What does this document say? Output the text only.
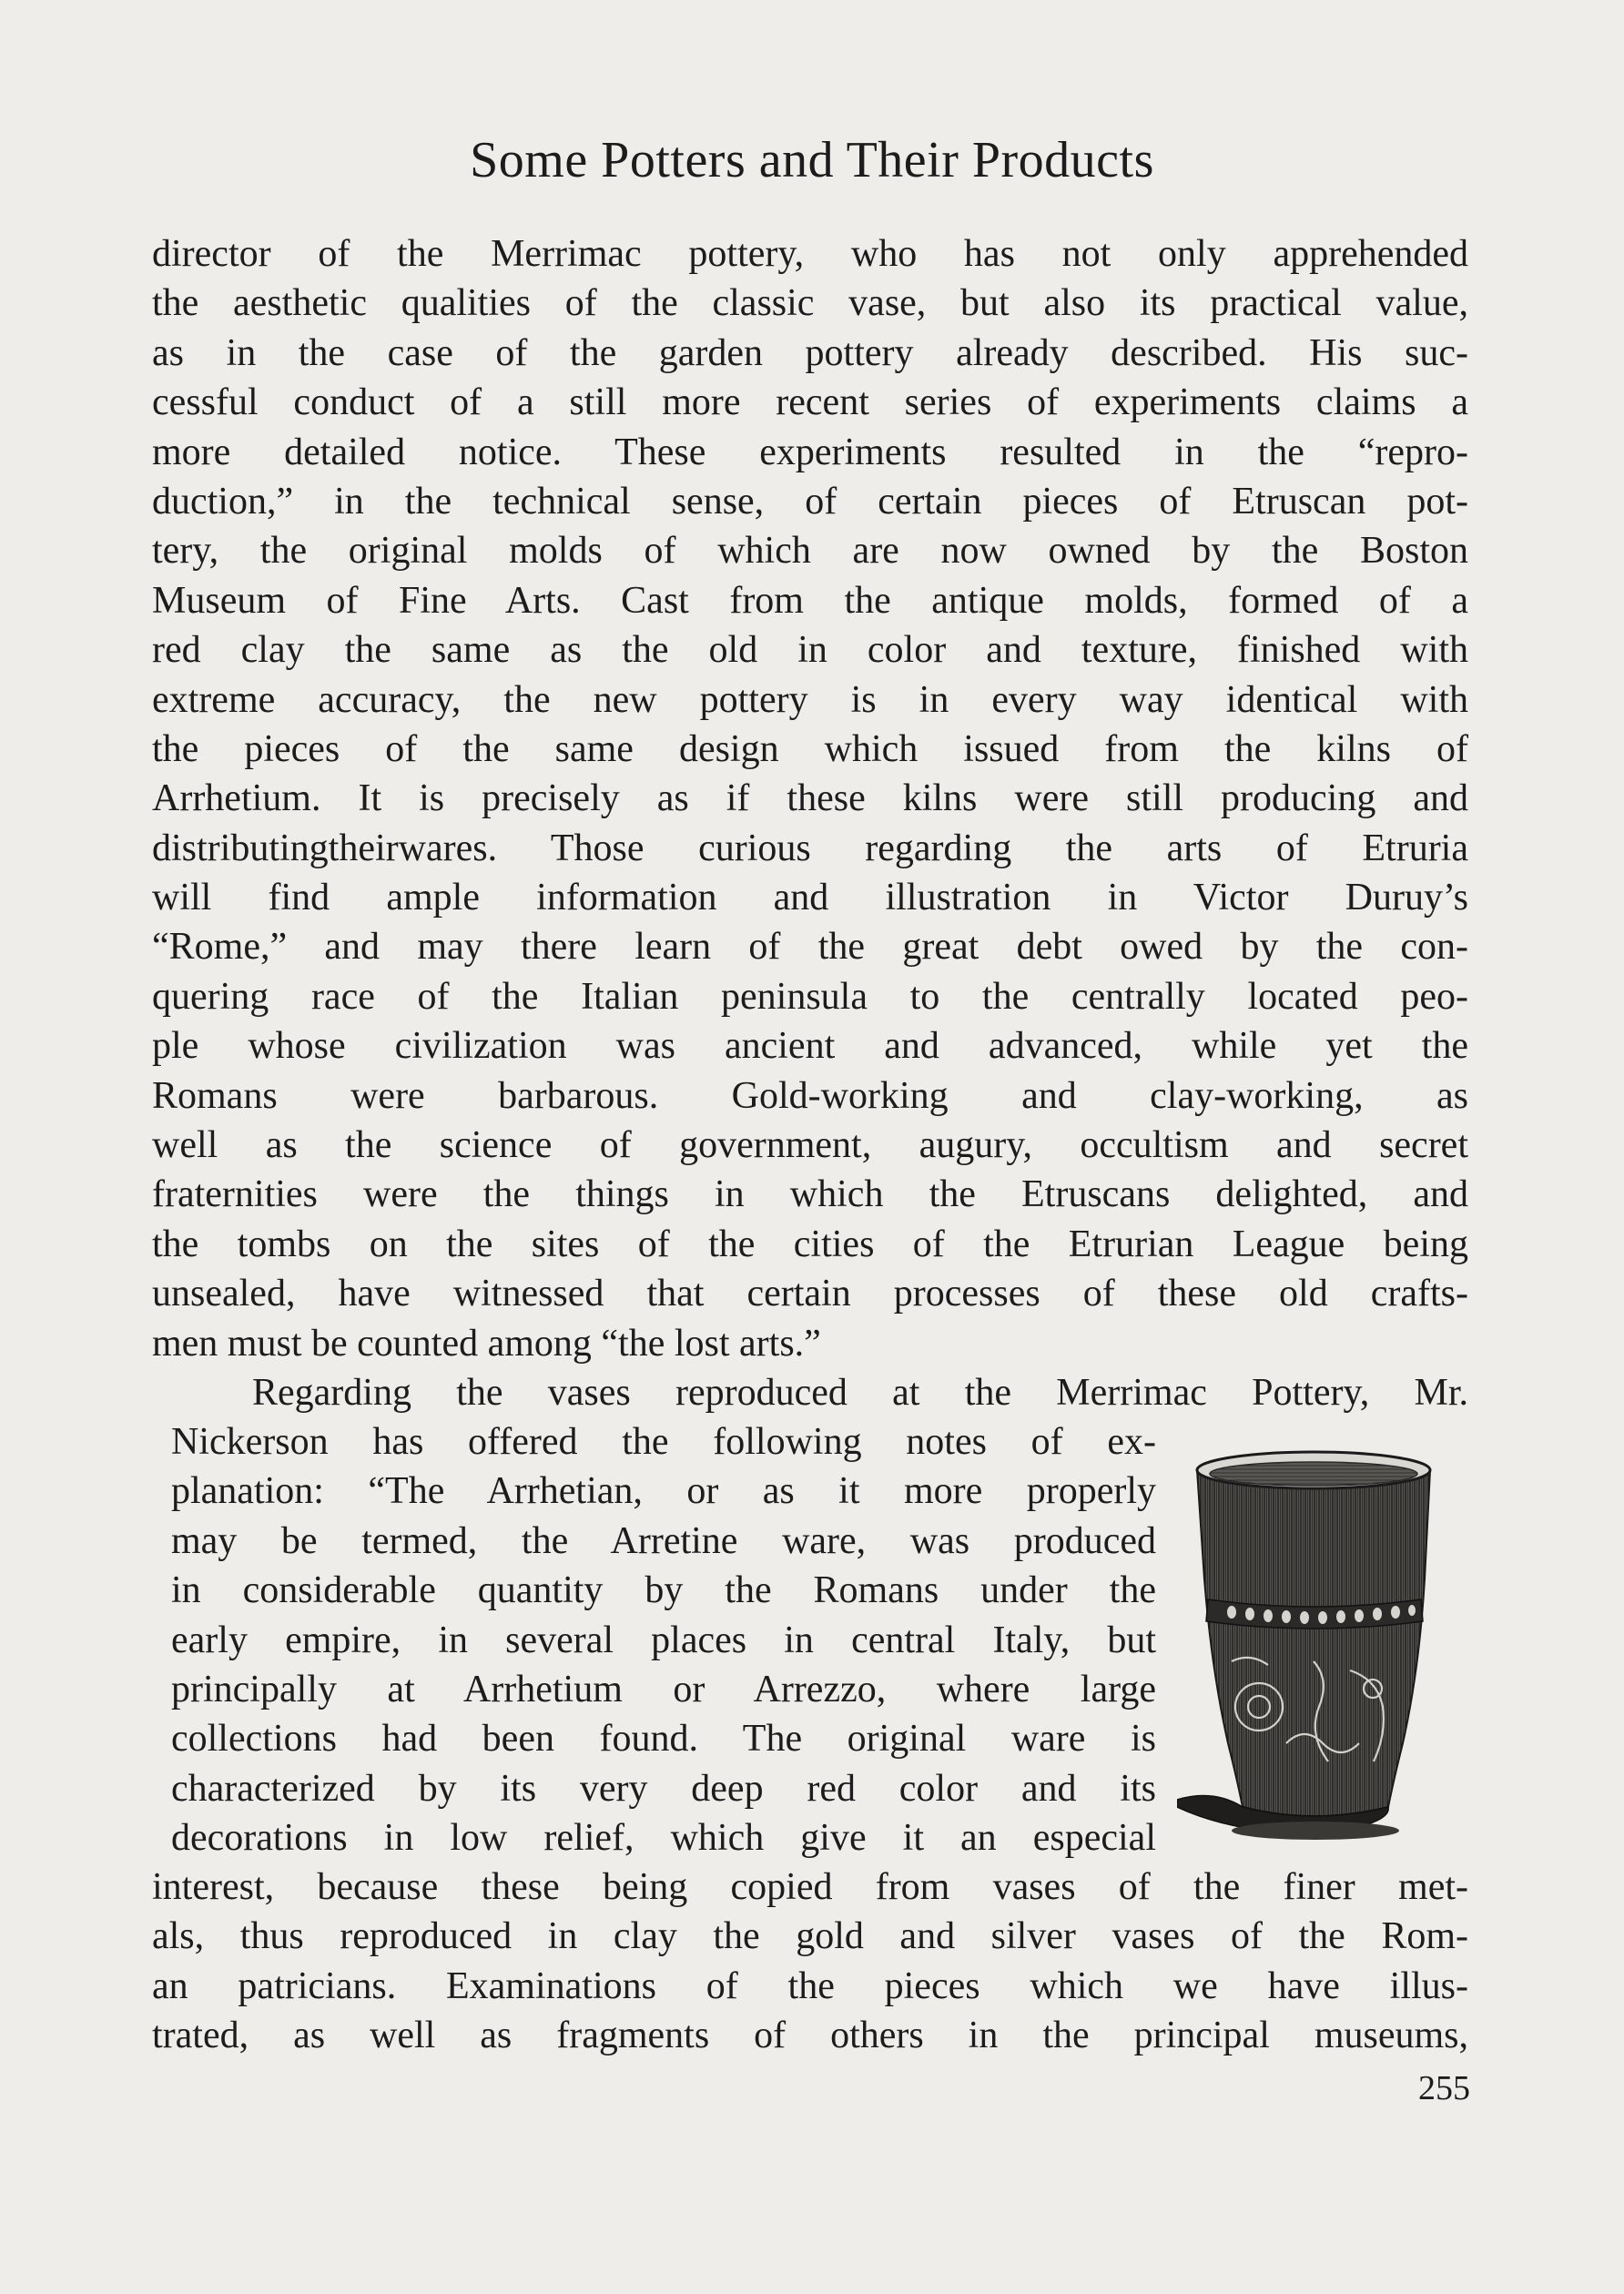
Some Potters and Their Products
director of the Merrimac pottery, who has not only apprehended
the aesthetic qualities of the classic vase, but also its practical value,
as in the case of the garden pottery already described. His suc-
cessful conduct of a still more recent series of experiments claims a
more detailed notice. These experiments resulted in the “repro-
duction,” in the technical sense, of certain pieces of Etruscan pot-
tery, the original molds of which are now owned by the Boston
Museum of Fine Arts. Cast from the antique molds, formed of a
red clay the same as the old in color and texture, finished with
extreme accuracy, the new pottery is in every way identical with
the pieces of the same design which issued from the kilns of
Arrhetium. It is precisely as if these kilns were still producing and
distributingtheirwares. Those curious regarding the arts of Etruria
will find ample information and illustration in Victor Duruy’s
“Rome,” and may there learn of the great debt owed by the con-
quering race of the Italian peninsula to the centrally located peo-
ple whose civilization was ancient and advanced, while yet the
Romans were barbarous. Gold-working and clay-working, as
well as the science of government, augury, occultism and secret
fraternities were the things in which the Etruscans delighted, and
the tombs on the sites of the cities of the Etrurian League being
unsealed, have witnessed that certain processes of these old crafts-
men must be counted among “the lost arts.”
Regarding the vases reproduced at the Merrimac Pottery, Mr.
Nickerson has offered the following notes of ex-
planation: “The Arrhetian, or as it more properly
may be termed, the Arretine ware, was produced
in considerable quantity by the Romans under the
early empire, in several places in central Italy, but
principally at Arrhetium or Arrezzo, where large
collections had been found. The original ware is
characterized by its very deep red color and its
decorations in low relief, which give it an especial
interest, because these being copied from vases of the finer met-
als, thus reproduced in clay the gold and silver vases of the Rom-
an patricians. Examinations of the pieces which we have illus-
trated, as well as fragments of others in the principal museums,
255
